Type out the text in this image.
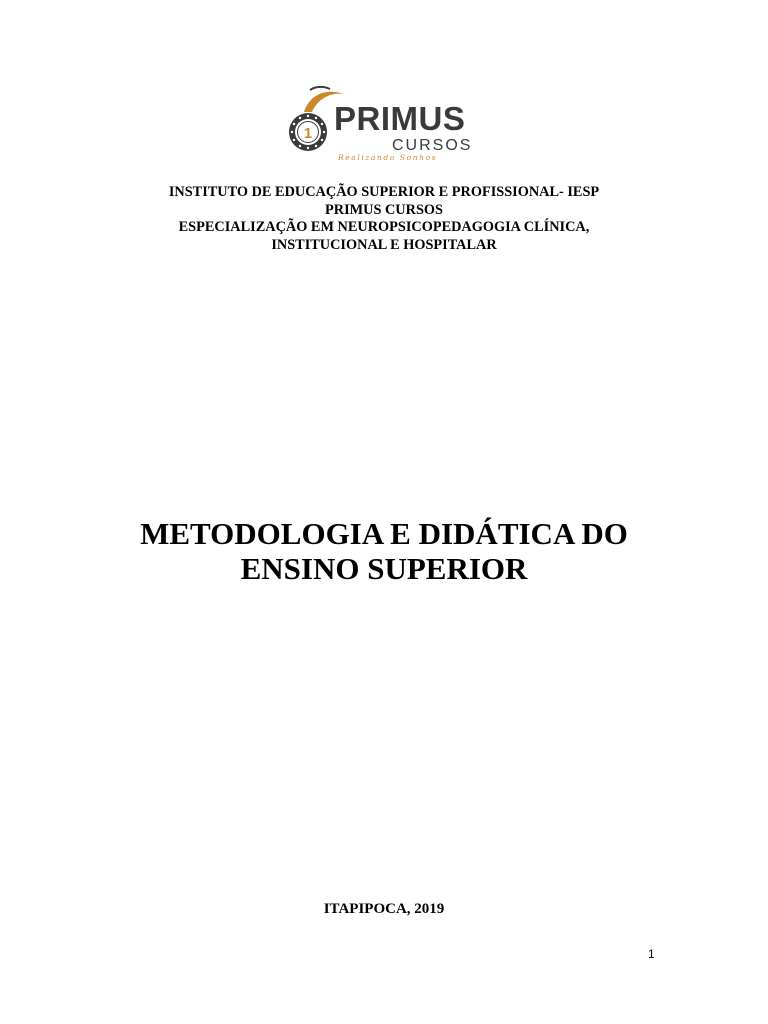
1 PRIMUS
CURSOS
Realizando Sonhos
INSTITUTO DE EDUCAÇÃO SUPERIOR E PROFISSIONAL- IESP
PRIMUS CURSOS
ESPECIALIZAÇÃO EM NEUROPSICOPEDAGOGIA CLÍNICA,
INSTITUCIONAL E HOSPITALAR
METODOLOGIA E DIDÁTICA DO
ENSINO SUPERIOR
ITAPIPOCA, 2019
1
